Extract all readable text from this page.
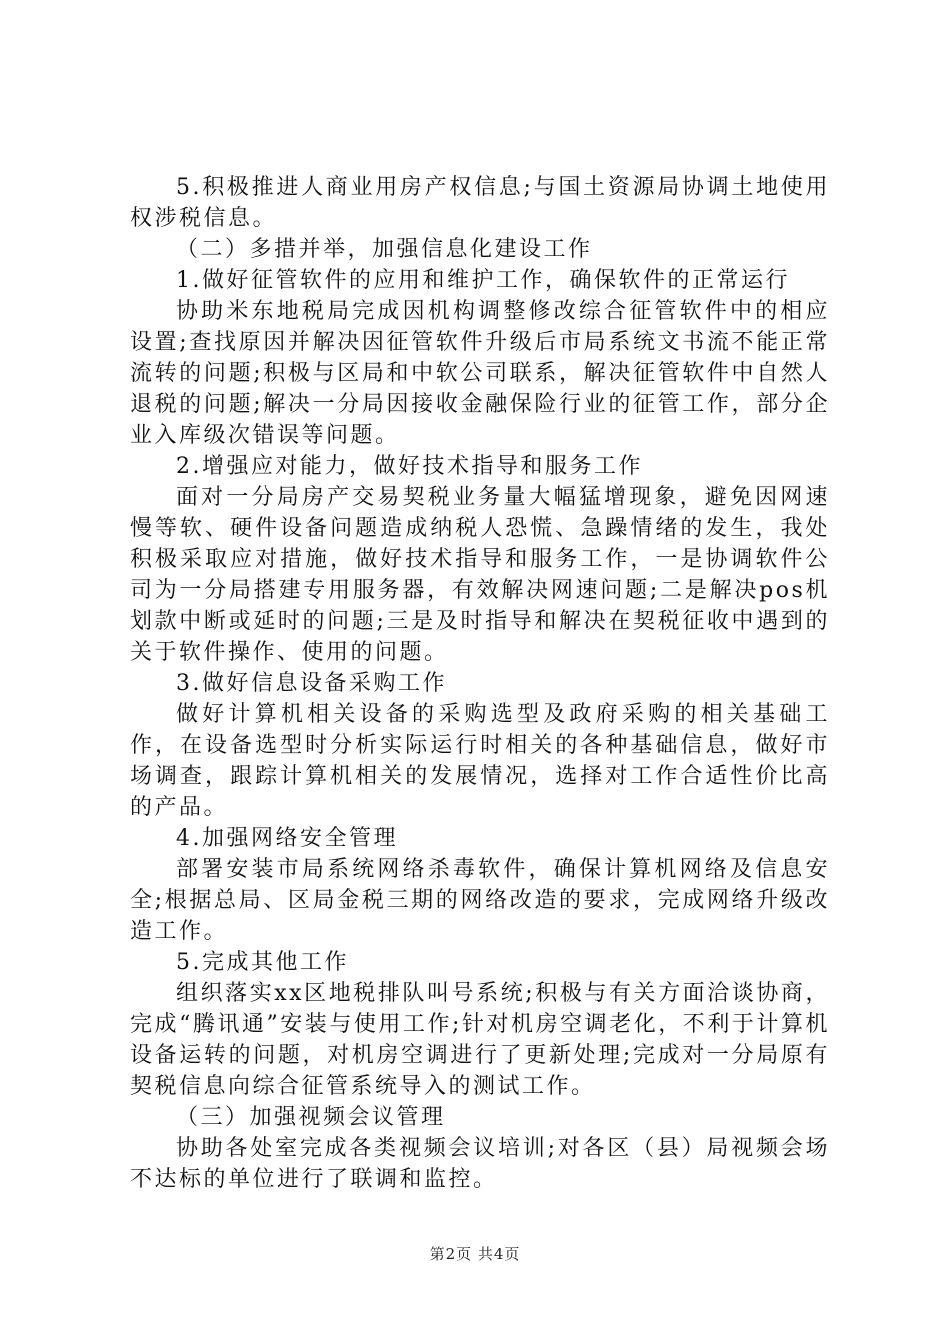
5.积极推进人商业用房产权信息;与国土资源局协调土地使用权涉税信息。

（二）多措并举，加强信息化建设工作

1.做好征管软件的应用和维护工作，确保软件的正常运行

协助米东地税局完成因机构调整修改综合征管软件中的相应设置;查找原因并解决因征管软件升级后市局系统文书流不能正常流转的问题;积极与区局和中软公司联系，解决征管软件中自然人退税的问题;解决一分局因接收金融保险行业的征管工作，部分企业入库级次错误等问题。

2.增强应对能力，做好技术指导和服务工作

面对一分局房产交易契税业务量大幅猛增现象，避免因网速慢等软、硬件设备问题造成纳税人恐慌、急躁情绪的发生，我处积极采取应对措施，做好技术指导和服务工作，一是协调软件公司为一分局搭建专用服务器，有效解决网速问题;二是解决pos机划款中断或延时的问题;三是及时指导和解决在契税征收中遇到的关于软件操作、使用的问题。

3.做好信息设备采购工作

做好计算机相关设备的采购选型及政府采购的相关基础工作，在设备选型时分析实际运行时相关的各种基础信息，做好市场调查，跟踪计算机相关的发展情况，选择对工作合适性价比高的产品。

4.加强网络安全管理

部署安装市局系统网络杀毒软件，确保计算机网络及信息安全;根据总局、区局金税三期的网络改造的要求，完成网络升级改造工作。

5.完成其他工作

组织落实xx区地税排队叫号系统;积极与有关方面洽谈协商，完成“腾讯通”安装与使用工作;针对机房空调老化，不利于计算机设备运转的问题，对机房空调进行了更新处理;完成对一分局原有契税信息向综合征管系统导入的测试工作。

（三）加强视频会议管理

协助各处室完成各类视频会议培训;对各区（县）局视频会场不达标的单位进行了联调和监控。

第2页 共4页
